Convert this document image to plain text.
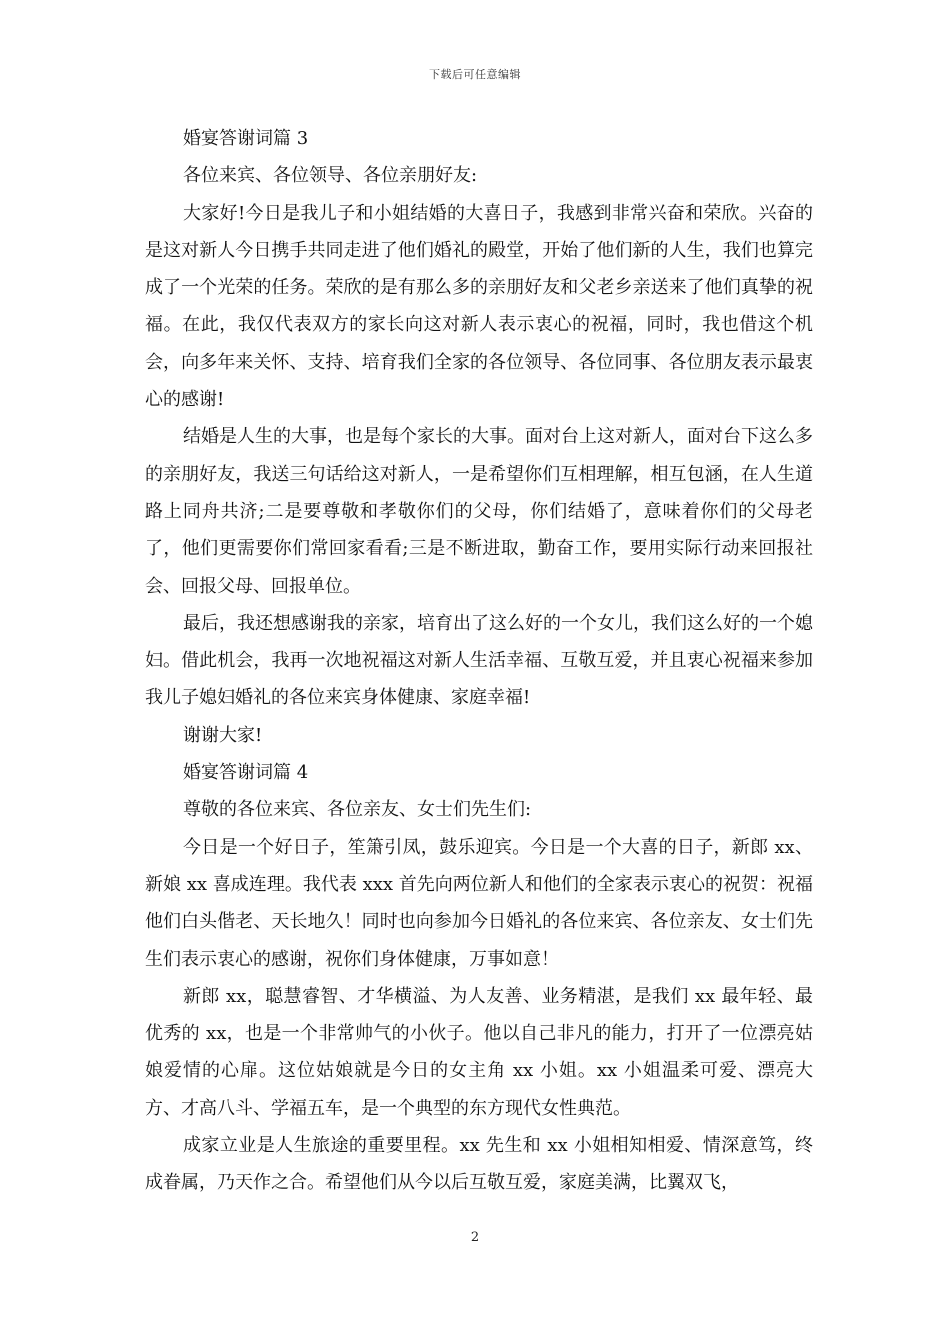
下载后可任意编辑

婚宴答谢词篇 3

各位来宾、各位领导、各位亲朋好友:

大家好!今日是我儿子和小姐结婚的大喜日子，我感到非常兴奋和荣欣。兴奋的是这对新人今日携手共同走进了他们婚礼的殿堂，开始了他们新的人生，我们也算完成了一个光荣的任务。荣欣的是有那么多的亲朋好友和父老乡亲送来了他们真挚的祝福。在此，我仅代表双方的家长向这对新人表示衷心的祝福，同时，我也借这个机会，向多年来关怀、支持、培育我们全家的各位领导、各位同事、各位朋友表示最衷心的感谢!

结婚是人生的大事，也是每个家长的大事。面对台上这对新人，面对台下这么多的亲朋好友，我送三句话给这对新人，一是希望你们互相理解，相互包涵，在人生道路上同舟共济;二是要尊敬和孝敬你们的父母，你们结婚了，意味着你们的父母老了，他们更需要你们常回家看看;三是不断进取，勤奋工作，要用实际行动来回报社会、回报父母、回报单位。

最后，我还想感谢我的亲家，培育出了这么好的一个女儿，我们这么好的一个媳妇。借此机会，我再一次地祝福这对新人生活幸福、互敬互爱，并且衷心祝福来参加我儿子媳妇婚礼的各位来宾身体健康、家庭幸福!

谢谢大家!

婚宴答谢词篇 4

尊敬的各位来宾、各位亲友、女士们先生们:

今日是一个好日子，笙箫引凤，鼓乐迎宾。今日是一个大喜的日子，新郎 xx、新娘 xx 喜成连理。我代表 xxx 首先向两位新人和他们的全家表示衷心的祝贺：祝福他们白头偕老、天长地久！同时也向参加今日婚礼的各位来宾、各位亲友、女士们先生们表示衷心的感谢，祝你们身体健康，万事如意！

新郎 xx，聪慧睿智、才华横溢、为人友善、业务精湛，是我们 xx 最年轻、最优秀的 xx，也是一个非常帅气的小伙子。他以自己非凡的能力，打开了一位漂亮姑娘爱情的心扉。这位姑娘就是今日的女主角 xx 小姐。xx 小姐温柔可爱、漂亮大方、才高八斗、学福五车，是一个典型的东方现代女性典范。

成家立业是人生旅途的重要里程。xx 先生和 xx 小姐相知相爱、情深意笃，终成眷属，乃天作之合。希望他们从今以后互敬互爱，家庭美满，比翼双飞，

2
